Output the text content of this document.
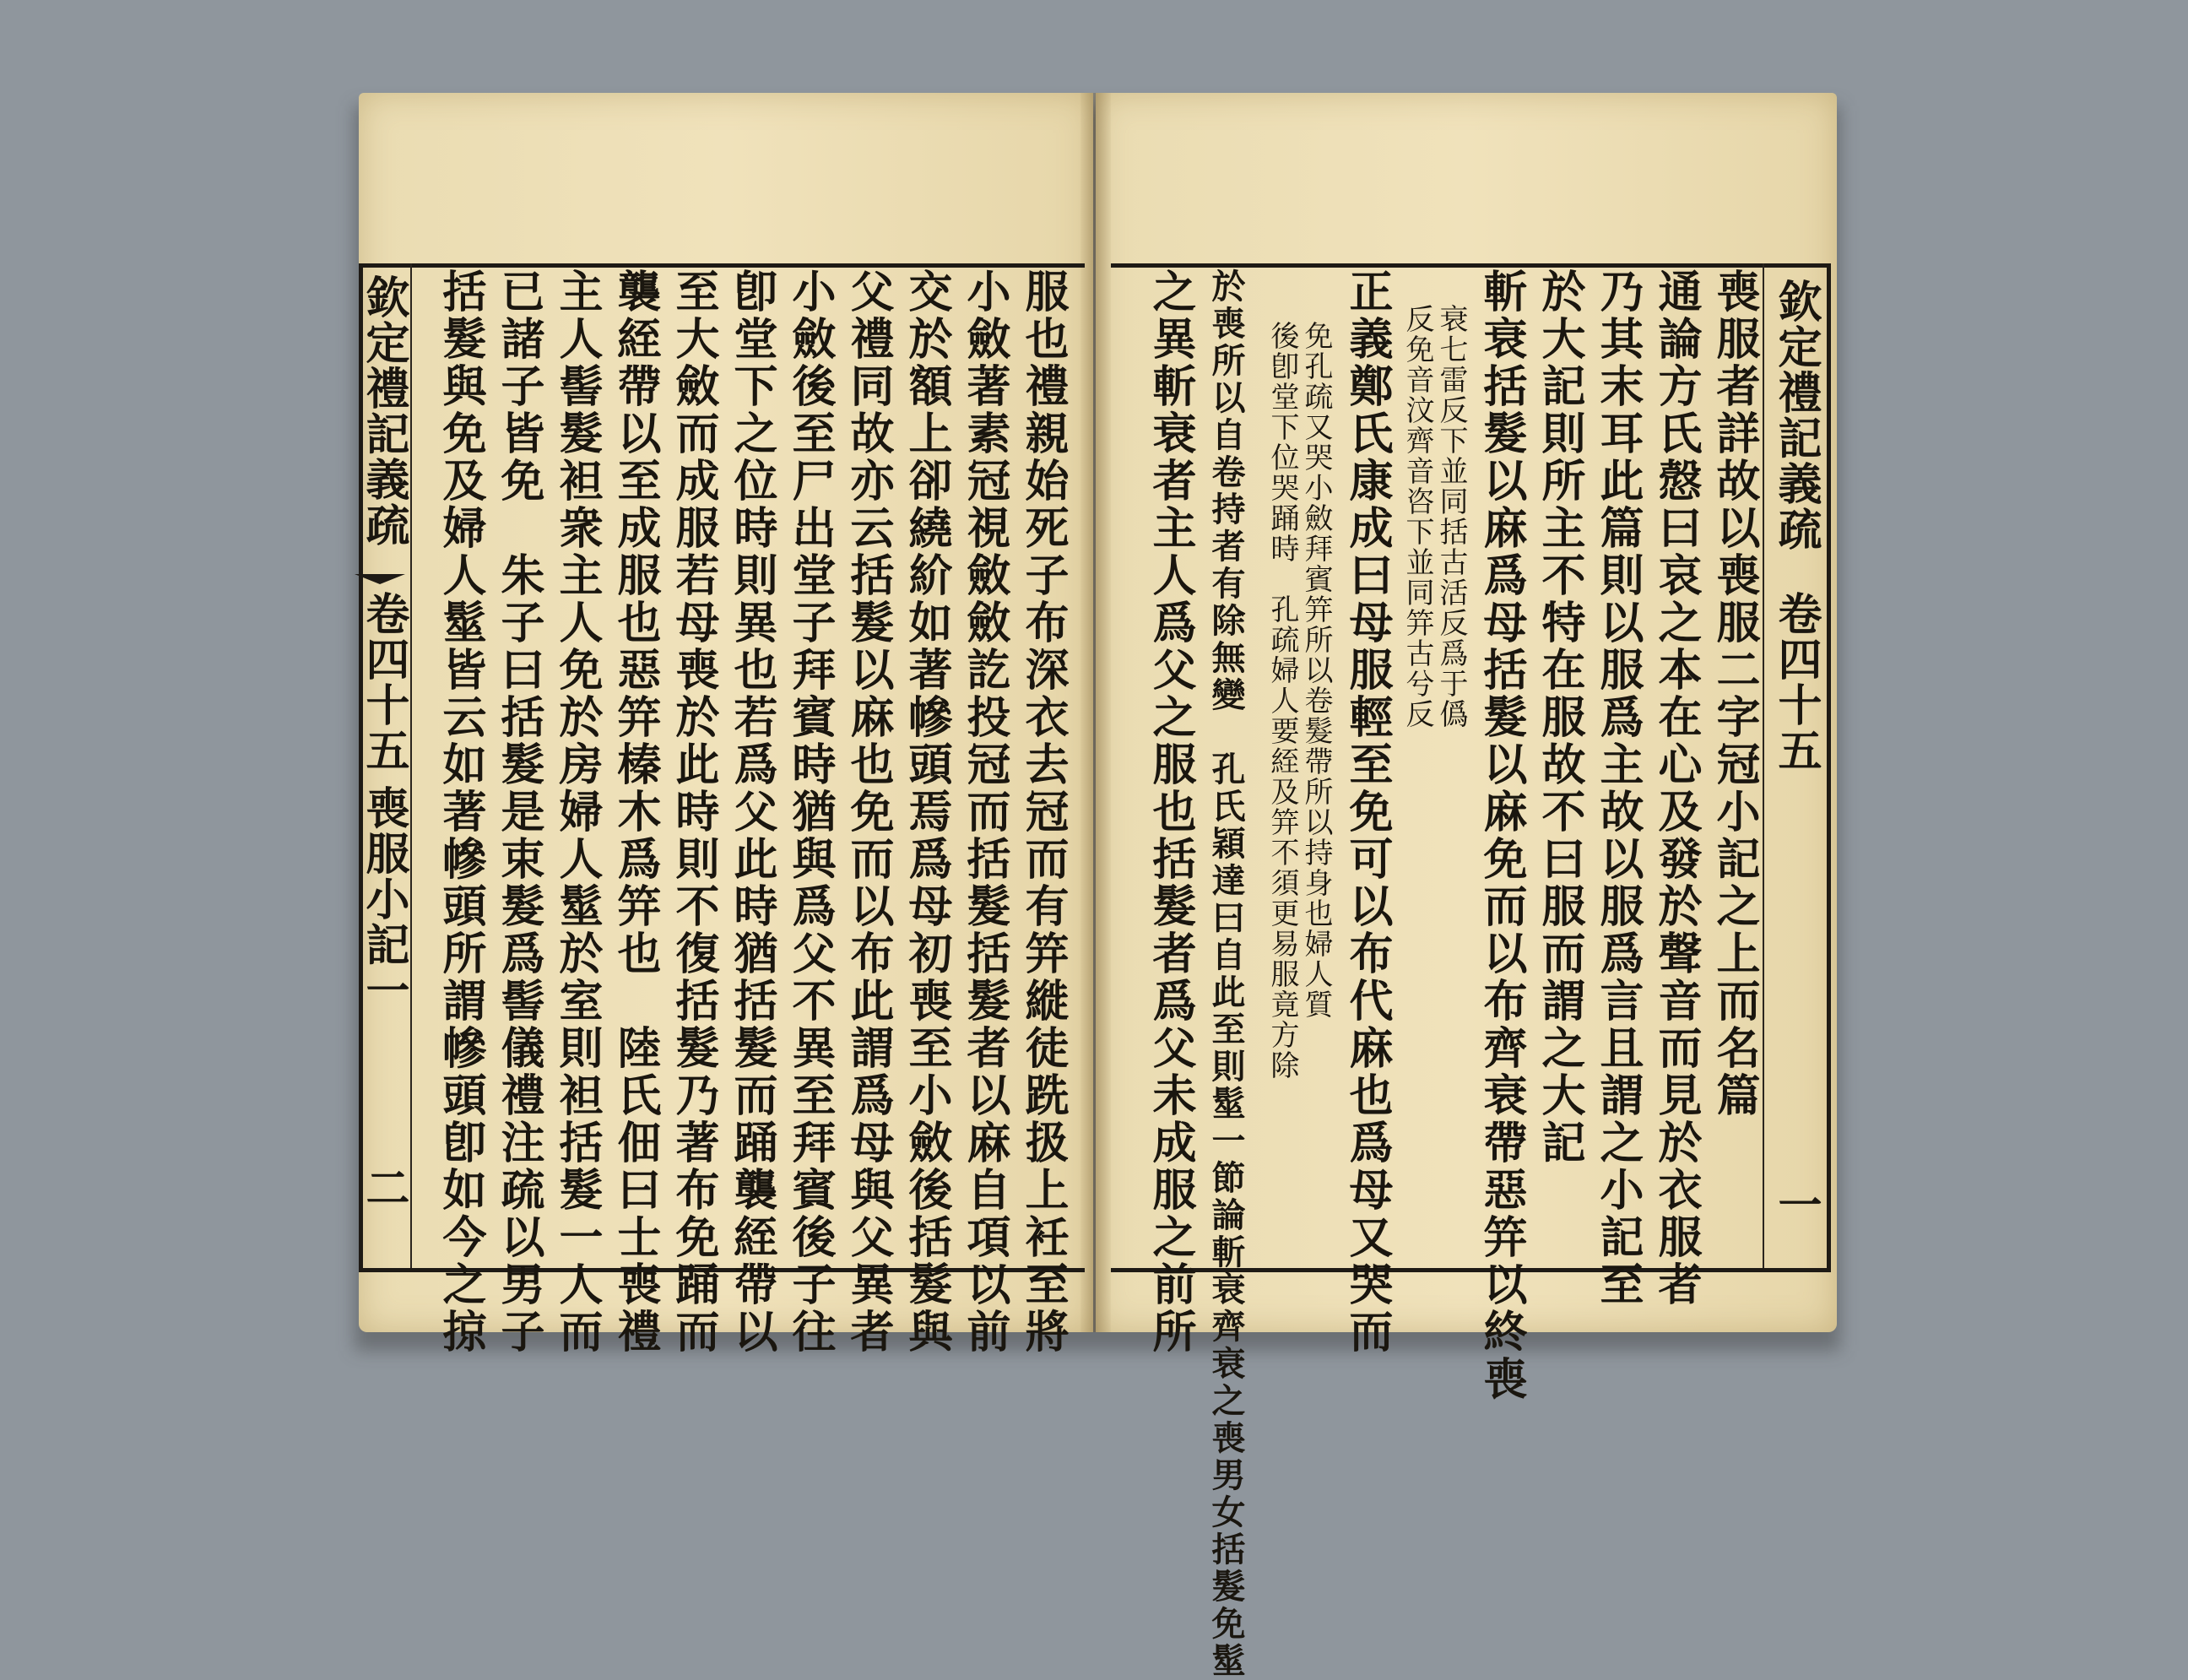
欽定禮記義疏
卷四十五
喪服小記一
二	服也禮親始死子布深衣去冠而有笄縰徒跣扱上衽至將
小斂著素冠視斂斂訖投冠而括髮括髮者以麻自項以前
交於額上卻繞紒如著幓頭焉爲母初喪至小斂後括髮與
父禮同故亦云括髮以麻也免而以布此謂爲母與父異者
小斂後至尸出堂子拜賓時猶與爲父不異至拜賓後子往
卽堂下之位時則異也若爲父此時猶括髮而踊襲絰帶以
至大斂而成服若母喪於此時則不復括髮乃著布免踊而
襲絰帶以至成服也惡笄榛木爲笄也　陸氏佃曰士喪禮
主人髻髮袒衆主人免於房婦人髽於室則袒括髮一人而
已諸子皆免　朱子曰括髮是束髮爲髻儀禮注疏以男子
括髮與免及婦人髽皆云如著幓頭所謂幓頭卽如今之掠	欽定禮記義疏
卷四十五
一
喪服者詳故以喪服二字冠小記之上而名篇
通論方氏慤曰哀之本在心及發於聲音而見於衣服者
乃其末耳此篇則以服爲主故以服爲言且謂之小記至
於大記則所主不特在服故不曰服而謂之大記
斬衰括髮以麻爲母括髮以麻免而以布齊衰帶惡笄以終喪
衰七雷反下並同括古活反爲于僞
反免音汶齊音咨下並同笄古兮反
正義鄭氏康成曰母服輕至免可以布代麻也爲母又哭而
免孔疏又哭小斂拜賓笄所以卷髮帶所以持身也婦人質
後卽堂下位哭踊時　孔疏婦人要絰及笄不須更易服竟方除
於喪所以自卷持者有除無變　孔氏穎達曰自此至則髽一節論斬衰齊衰之喪男女括髮免髽
之異斬衰者主人爲父之服也括髮者爲父未成服之前所
